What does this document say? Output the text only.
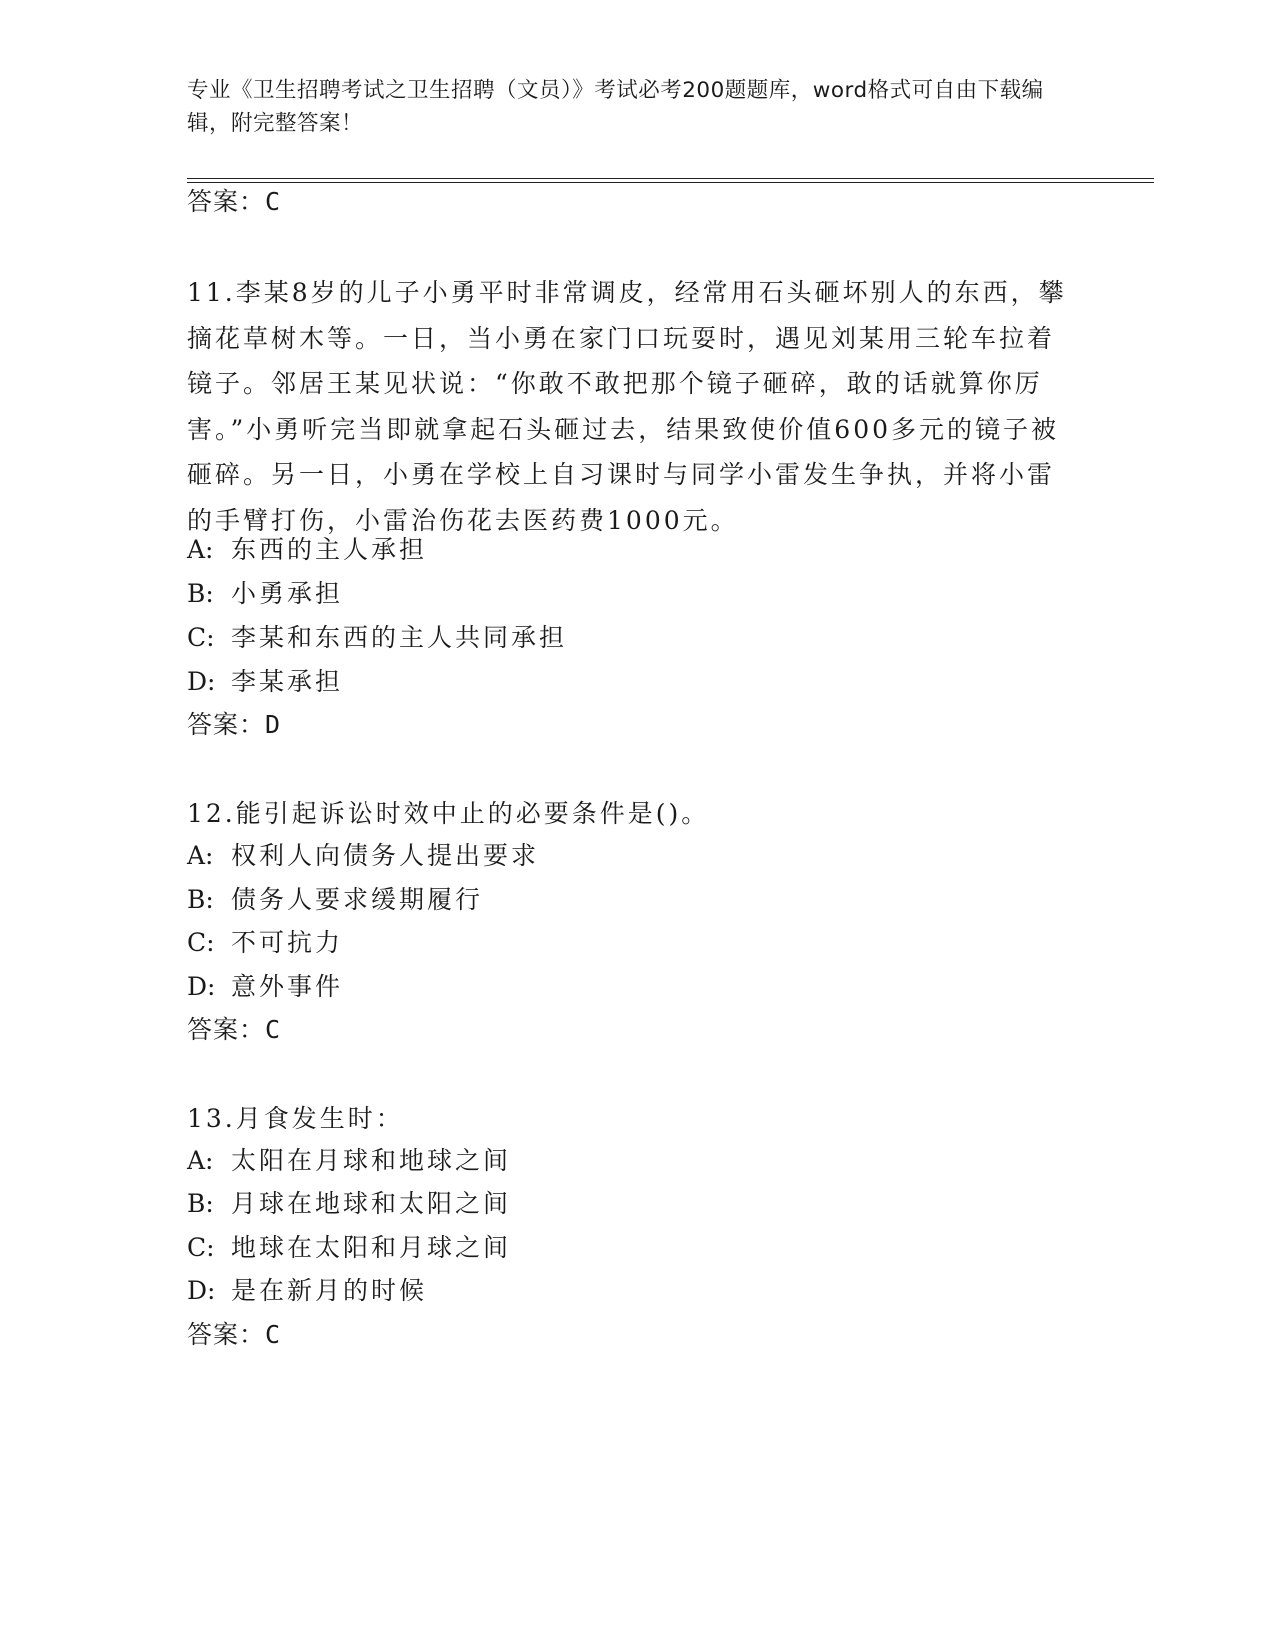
专业《卫生招聘考试之卫生招聘（文员）》考试必考200题题库，word格式可自由下载编辑，附完整答案！
答案：C
11.李某8岁的儿子小勇平时非常调皮，经常用石头砸坏别人的东西，攀摘花草树木等。一日，当小勇在家门口玩耍时，遇见刘某用三轮车拉着镜子。邻居王某见状说：“你敢不敢把那个镜子砸碎，敢的话就算你厉害。”小勇听完当即就拿起石头砸过去，结果致使价值600多元的镜子被砸碎。另一日，小勇在学校上自习课时与同学小雷发生争执，并将小雷的手臂打伤，小雷治伤花去医药费1000元。
A: 东西的主人承担
B: 小勇承担
C: 李某和东西的主人共同承担
D: 李某承担
答案：D
12.能引起诉讼时效中止的必要条件是()。
A: 权利人向债务人提出要求
B: 债务人要求缓期履行
C: 不可抗力
D: 意外事件
答案：C
13.月食发生时：
A: 太阳在月球和地球之间
B: 月球在地球和太阳之间
C: 地球在太阳和月球之间
D: 是在新月的时候
答案：C
